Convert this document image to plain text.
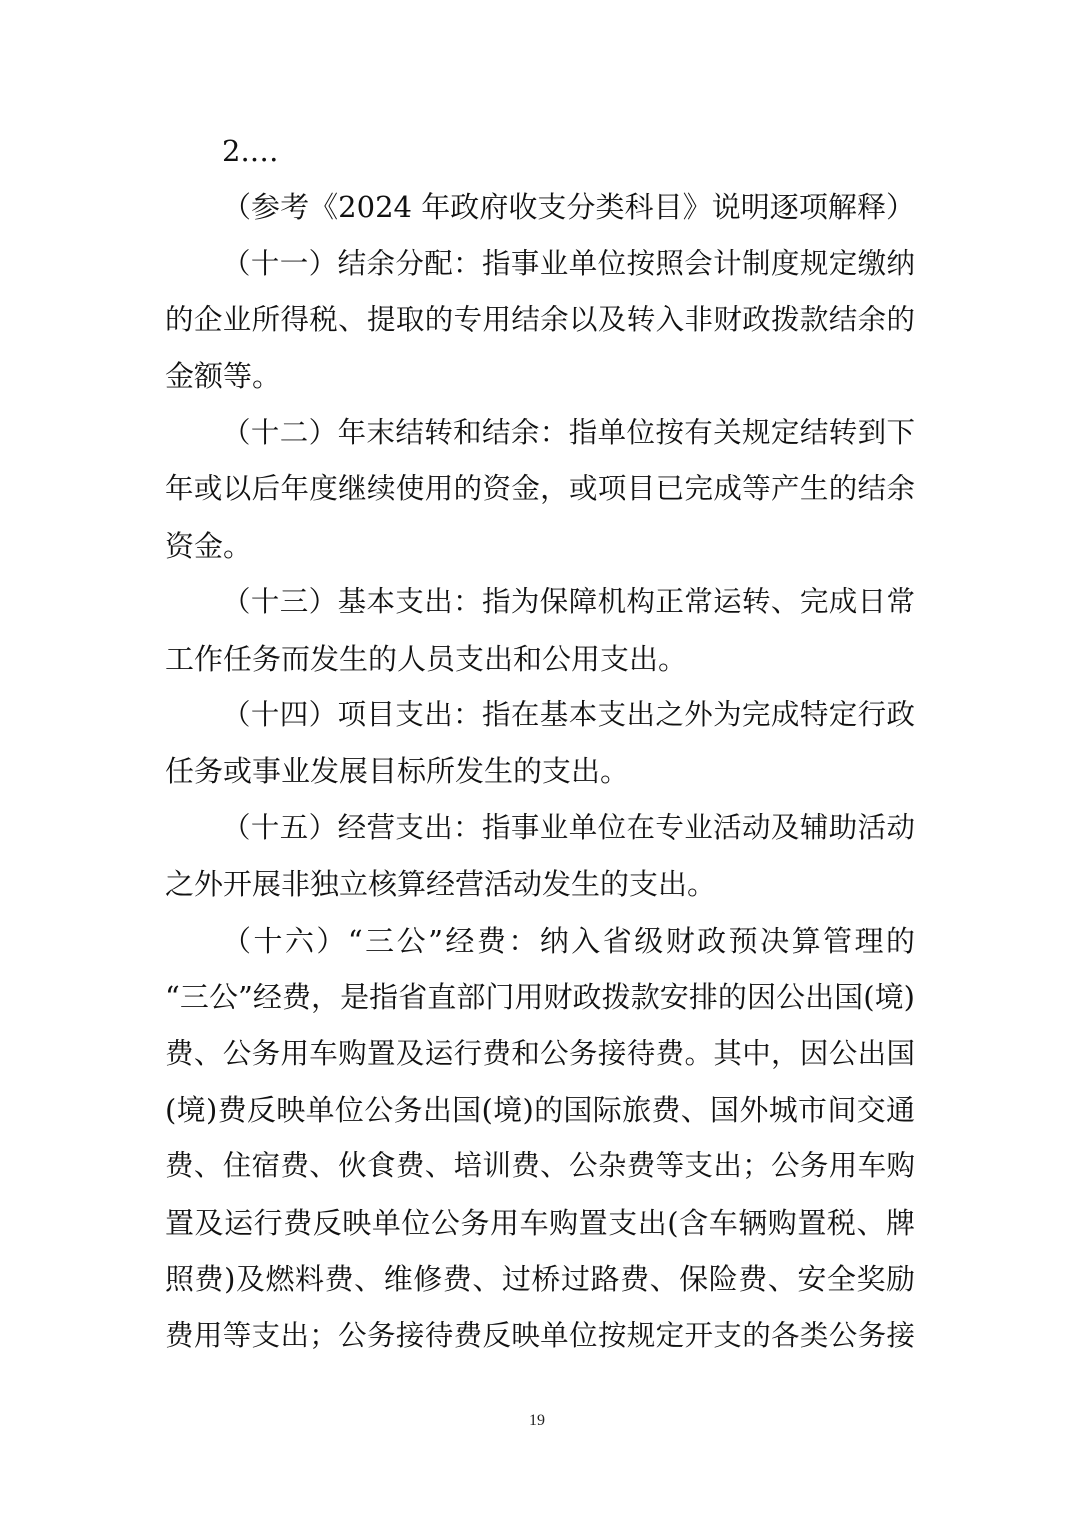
2.…
（参考《2024 年政府收支分类科目》说明逐项解释）
（十一）结余分配：指事业单位按照会计制度规定缴纳
的企业所得税、提取的专用结余以及转入非财政拨款结余的
金额等。
（十二）年末结转和结余：指单位按有关规定结转到下
年或以后年度继续使用的资金，或项目已完成等产生的结余
资金。
（十三）基本支出：指为保障机构正常运转、完成日常
工作任务而发生的人员支出和公用支出。
（十四）项目支出：指在基本支出之外为完成特定行政
任务或事业发展目标所发生的支出。
（十五）经营支出：指事业单位在专业活动及辅助活动
之外开展非独立核算经营活动发生的支出。
（十六）“三公”经费：纳入省级财政预决算管理的
“三公”经费，是指省直部门用财政拨款安排的因公出国(境)
费、公务用车购置及运行费和公务接待费。其中，因公出国
(境)费反映单位公务出国(境)的国际旅费、国外城市间交通
费、住宿费、伙食费、培训费、公杂费等支出；公务用车购
置及运行费反映单位公务用车购置支出(含车辆购置税、牌
照费)及燃料费、维修费、过桥过路费、保险费、安全奖励
费用等支出；公务接待费反映单位按规定开支的各类公务接
19
